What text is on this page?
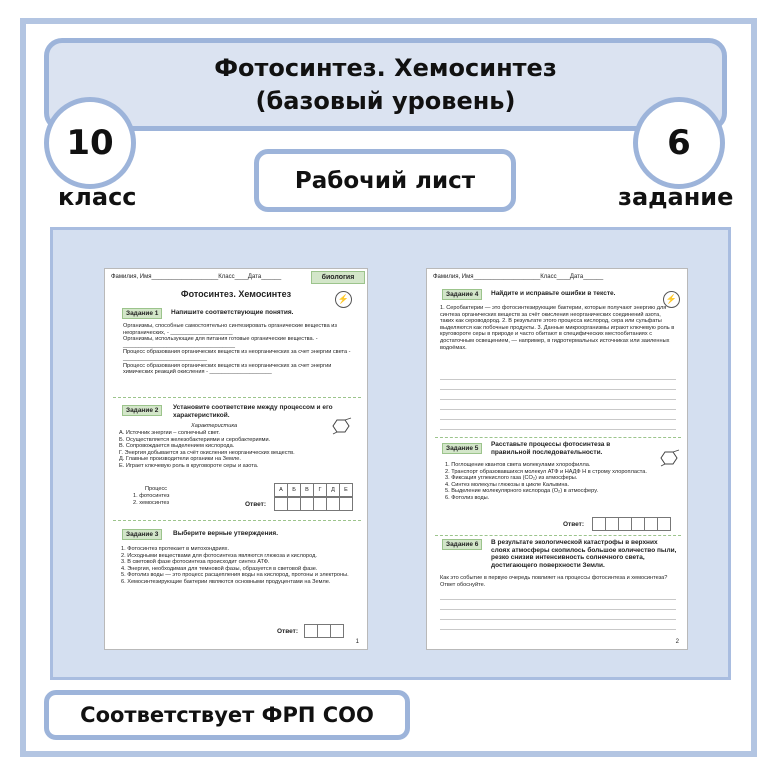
Фотосинтез. Хемосинтез
(базовый уровень)
10	6
класс	задание
Рабочий лист
Фамилия, Имя____________________Класс____Дата______	биология
Фотосинтез. Хемосинтез	⚡
Задание 1	Напишите соответствующие понятия.
Организмы, способные самостоятельно синтезировать органические вещества из неорганических, - ____________________
Организмы, использующие для питания готовые органические вещества. - ____________________________________
Процесс образования органических веществ из неорганических за счет энергии света - ___________________________
Процесс образования органических веществ из неорганических за счет энергии химических реакций окисления - ____________________
Задание 2	Установите соответствие между процессом и его характеристикой.
Характеристика
А. Источник энергии – солнечный свет.
Б. Осуществляется железобактериями и серобактериями.
В. Сопровождается выделением кислорода.
Г. Энергия добывается за счёт окисления неорганических веществ.
Д. Главные производители органики на Земле.
Е. Играет ключевую роль в круговороте серы и азота.
Процесс
1. фотосинтез
2. хемосинтез
А	Б	В	Г	Д	Е
Ответ:
Задание 3	Выберите верные утверждения.
1. Фотосинтез протекает в митохондриях.
2. Исходными веществами для фотосинтеза являются глюкоза и кислород.
3. В световой фазе фотосинтеза происходит синтез АТФ.
4. Энергия, необходимая для темновой фазы, образуется в световой фазе.
5. Фотолиз воды — это процесс расщепления воды на кислород, протоны и электроны.
6. Хемосинтезирующие бактерии являются основными продуцентами на Земле.
Ответ:
1
Фамилия, Имя____________________Класс____Дата______
⚡
Задание 4	Найдите и исправьте ошибки в тексте.
1. Серобактерии — это фотосинтезирующие бактерии, которые получают энергию для синтеза органических веществ за счёт окисления неорганических соединений азота, таких как сероводород. 2. В результате этого процесса кислород, сера или сульфаты выделяются как побочные продукты. 3. Данные микроорганизмы играют ключевую роль в круговороте серы в природе и часто обитают в специфических местообитаниях с достаточным освещением, — например, в гидротермальных источниках или заиленных водоёмах.
Задание 5
Расставьте процессы фотосинтеза в правильной последовательности.
1. Поглощение квантов света молекулами хлорофилла.
2. Транспорт образовавшихся молекул АТФ и НАДФ Н в строму хлоропласта.
3. Фиксация углекислого газа (CO₂) из атмосферы.
4. Синтез молекулы глюкозы в цикле Кальвина.
5. Выделение молекулярного кислорода (O₂) в атмосферу.
6. Фотолиз воды.
Ответ:
Задание 6	В результате экологической катастрофы в верхних слоях атмосферы скопилось большое количество пыли, резко снизив интенсивность солнечного света, достигающего поверхности Земли.
Как это событие в первую очередь повлияет на процессы фотосинтеза и хемосинтеза? Ответ обоснуйте.
2
Соответствует ФРП СОО
